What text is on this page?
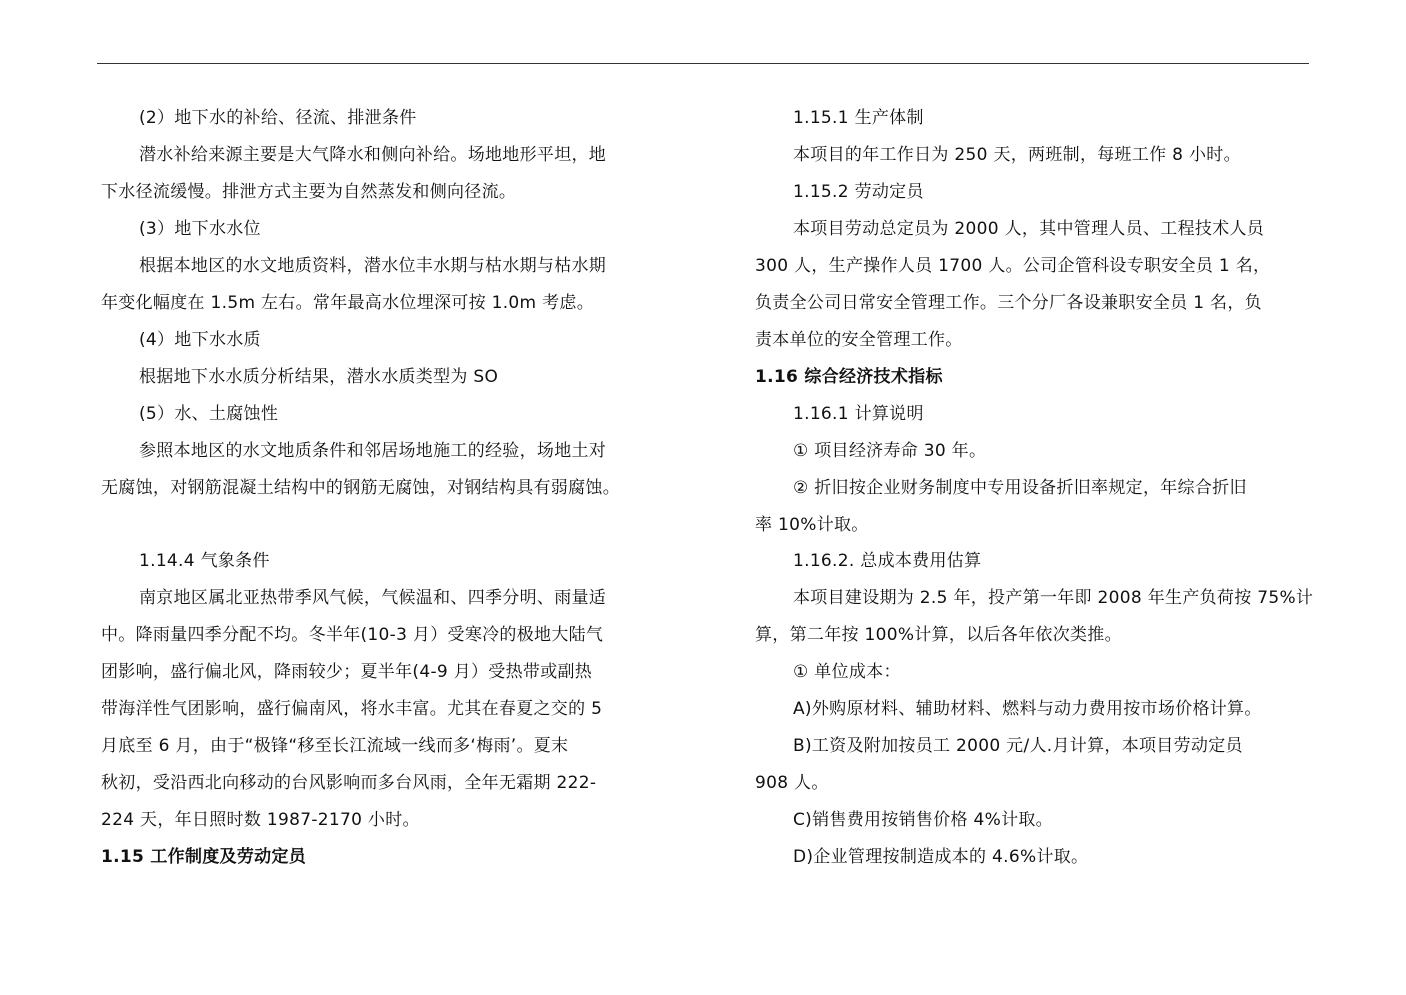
(2）地下水的补给、径流、排泄条件
潜水补给来源主要是大气降水和侧向补给。场地地形平坦，地
下水径流缓慢。排泄方式主要为自然蒸发和侧向径流。
(3）地下水水位
根据本地区的水文地质资料，潜水位丰水期与枯水期与枯水期
年变化幅度在 1.5m 左右。常年最高水位埋深可按 1.0m 考虑。
(4）地下水水质
根据地下水水质分析结果，潜水水质类型为 SO
(5）水、土腐蚀性
参照本地区的水文地质条件和邻居场地施工的经验，场地土对
无腐蚀，对钢筋混凝土结构中的钢筋无腐蚀，对钢结构具有弱腐蚀。
1.14.4 气象条件
南京地区属北亚热带季风气候，气候温和、四季分明、雨量适
中。降雨量四季分配不均。冬半年(10-3 月）受寒冷的极地大陆气
团影响，盛行偏北风，降雨较少；夏半年(4-9 月）受热带或副热
带海洋性气团影响，盛行偏南风，将水丰富。尤其在春夏之交的 5
月底至 6 月，由于“极锋“移至长江流域一线而多‘梅雨’。夏末
秋初，受沿西北向移动的台风影响而多台风雨，全年无霜期 222-
224 天，年日照时数 1987-2170 小时。
1.15 工作制度及劳动定员
1.15.1 生产体制
本项目的年工作日为 250 天，两班制，每班工作 8 小时。
1.15.2 劳动定员
本项目劳动总定员为 2000 人，其中管理人员、工程技术人员
300 人，生产操作人员 1700 人。公司企管科设专职安全员 1 名，
负责全公司日常安全管理工作。三个分厂各设兼职安全员 1 名，负
责本单位的安全管理工作。
1.16 综合经济技术指标
1.16.1 计算说明
① 项目经济寿命 30 年。
② 折旧按企业财务制度中专用设备折旧率规定，年综合折旧
率 10%计取。
1.16.2. 总成本费用估算
本项目建设期为 2.5 年，投产第一年即 2008 年生产负荷按 75%计
算，第二年按 100%计算，以后各年依次类推。
① 单位成本：
A)外购原材料、辅助材料、燃料与动力费用按市场价格计算。
B)工资及附加按员工 2000 元/人.月计算，本项目劳动定员
908 人。
C)销售费用按销售价格 4%计取。
D)企业管理按制造成本的 4.6%计取。
